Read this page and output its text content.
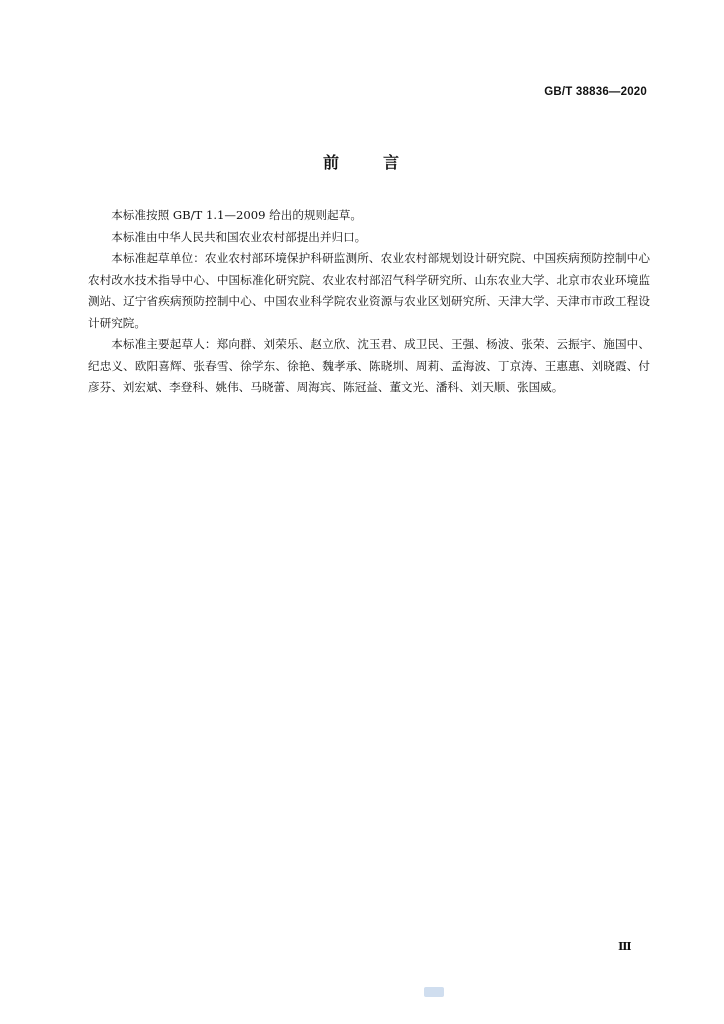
GB/T 38836—2020
前	言

本标准按照 GB/T 1.1—2009 给出的规则起草。

本标准由中华人民共和国农业农村部提出并归口。

本标准起草单位：农业农村部环境保护科研监测所、农业农村部规划设计研究院、中国疾病预防控制中心农村改水技术指导中心、中国标准化研究院、农业农村部沼气科学研究所、山东农业大学、北京市农业环境监测站、辽宁省疾病预防控制中心、中国农业科学院农业资源与农业区划研究所、天津大学、天津市市政工程设计研究院。

本标准主要起草人：郑向群、刘荣乐、赵立欣、沈玉君、成卫民、王强、杨波、张荣、云振宇、施国中、纪忠义、欧阳喜辉、张春雪、徐学东、徐艳、魏孝承、陈晓圳、周莉、孟海波、丁京涛、王惠惠、刘晓霞、付彦芬、刘宏斌、李登科、姚伟、马晓蕾、周海宾、陈冠益、董文光、潘科、刘天顺、张国威。

Ⅲ
